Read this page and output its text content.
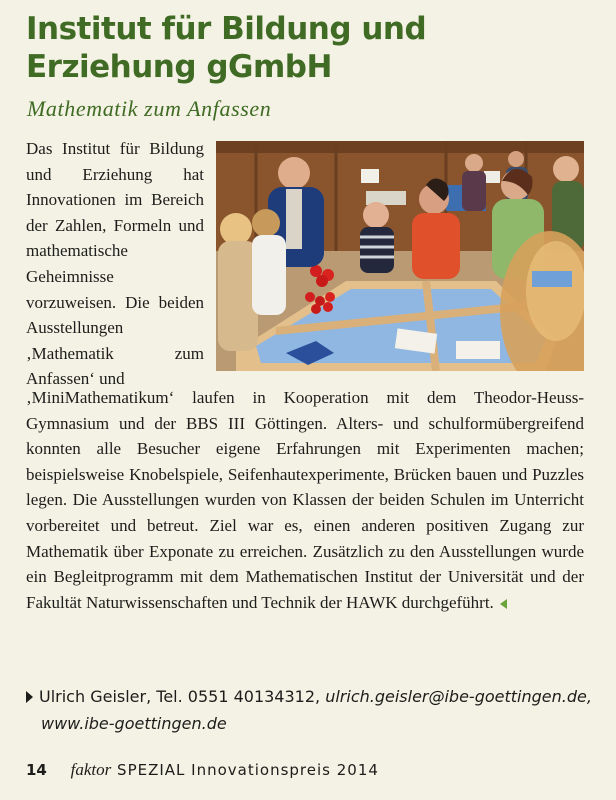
Institut für Bildung und
Erziehung gGmbH
Mathematik zum Anfassen

Das Institut für Bildung und Erziehung hat Innovationen im Bereich der Zahlen, Formeln und mathematische Geheimnisse vorzuweisen. Die beiden Ausstellungen ‚Mathematik zum Anfassen‘ und

‚MiniMathematikum‘ laufen in Kooperation mit dem Theodor-Heuss-Gymnasium und der BBS III Göttingen. Alters- und schulformübergreifend konnten alle Besucher eigene Erfahrungen mit Experimenten machen; beispielsweise Knobelspiele, Seifenhautexperimente, Brücken bauen und Puzzles legen. Die Ausstellungen wurden von Klassen der beiden Schulen im Unterricht vorbereitet und betreut. Ziel war es, einen anderen positiven Zugang zur Mathematik über Exponate zu erreichen. Zusätzlich zu den Ausstellungen wurde ein Begleitprogramm mit dem Mathematischen Institut der Universität und der Fakultät Naturwissenschaften und Technik der HAWK durchgeführt.

Ulrich Geisler, Tel. 0551 40134312, ulrich.geisler@ibe-goettingen.de,
www.ibe-goettingen.de
14 faktor SPEZIAL Innovationspreis 2014
